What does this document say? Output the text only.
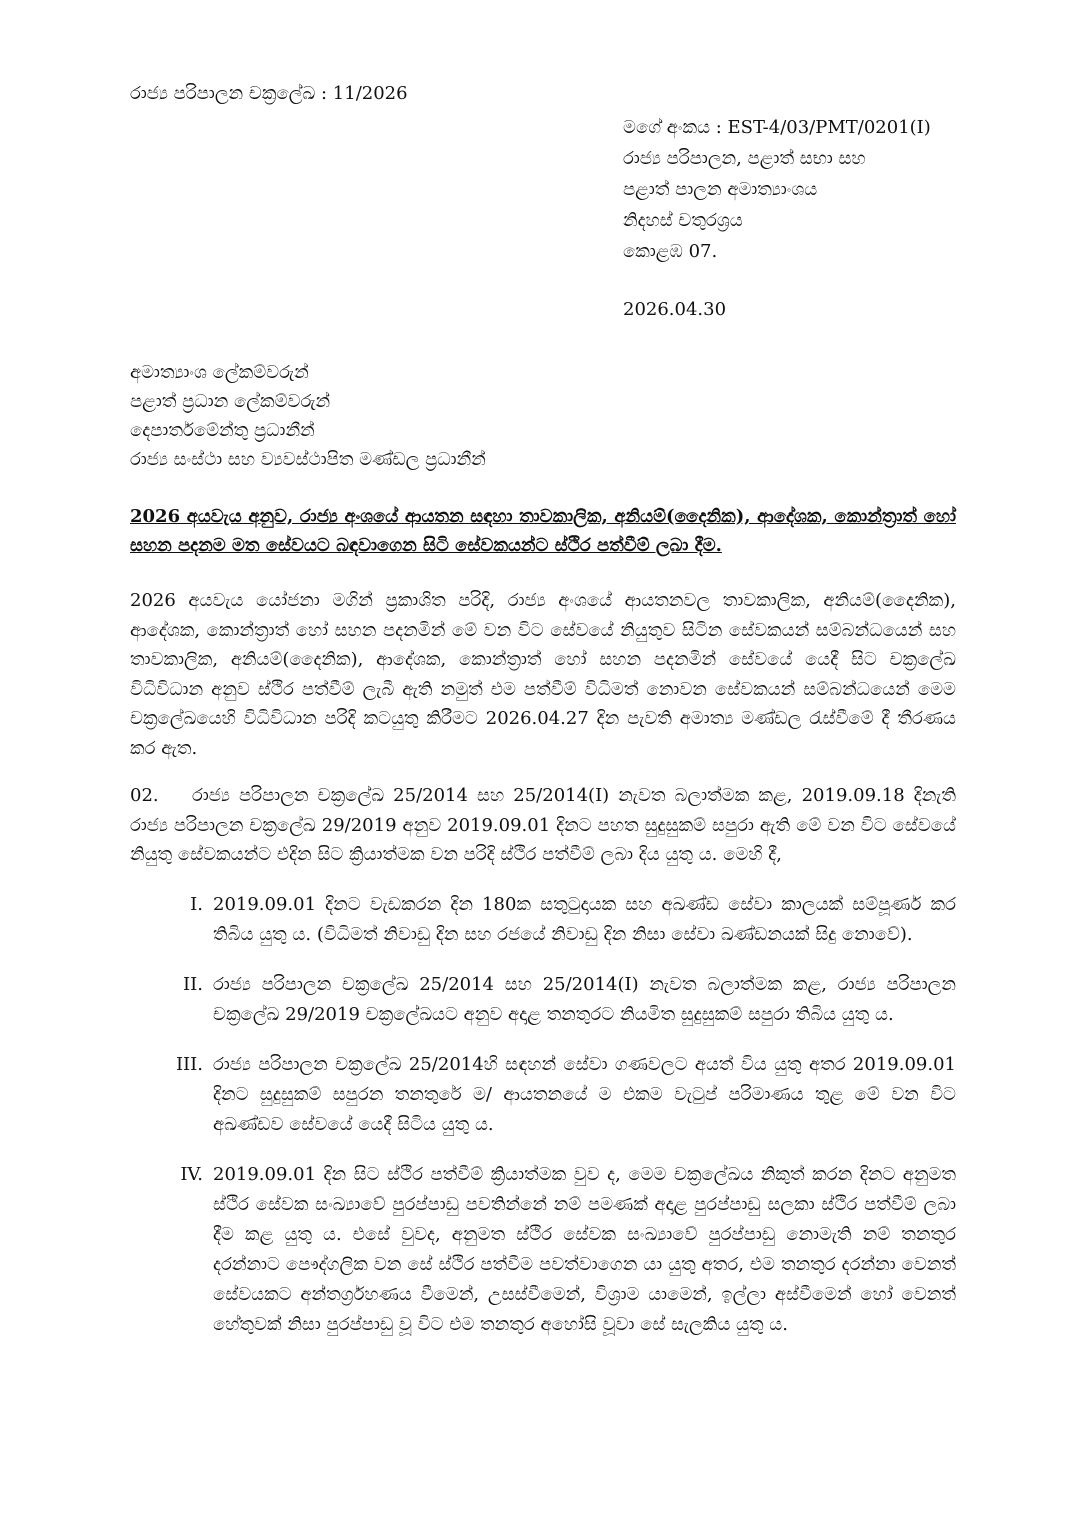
රාජ්‍ය පරිපාලන චක්‍රලේඛ : 11/2026
මගේ අංකය : EST-4/03/PMT/0201(I)
රාජ්‍ය පරිපාලන, පළාත් සභා සහ
පළාත් පාලන අමාත්‍යාංශය
නිදහස් චතුරශ්‍රය
කොළඹ 07.
2026.04.30
අමාත්‍යාංශ ලේකම්වරුන්
පළාත් ප්‍රධාන ලේකම්වරුන්
දෙපාර්තමේන්තු ප්‍රධානීන්
රාජ්‍ය සංස්ථා සහ ව්‍යවස්ථාපිත මණ්ඩල ප්‍රධානීන්
2026 අයවැය අනුව, රාජ්‍ය අංශයේ ආයතන සඳහා තාවකාලික, අනියම්(දෛනික), ආදේශක, කොන්ත්‍රාත් හෝ සහන පදනම මත සේවයට බඳවාගෙන සිටි සේවකයන්ට ස්ථිර පත්වීම් ලබා දීම.

2026 අයවැය යෝජනා මගින් ප්‍රකාශිත පරිදි, රාජ්‍ය අංශයේ ආයතනවල තාවකාලික, අනියම්(දෛනික), ආදේශක, කොන්ත්‍රාත් හෝ සහන පදනමින් මේ වන විට සේවයේ නියුතුව සිටින සේවකයන් සම්බන්ධයෙන් සහ තාවකාලික, අනියම්(දෛනික), ආදේශක, කොන්ත්‍රාත් හෝ සහන පදනමින් සේවයේ යෙදී සිට චක්‍රලේඛ විධිවිධාන අනුව ස්ථිර පත්වීම් ලැබී ඇති නමුත් එම පත්වීම් විධිමත් නොවන සේවකයන් සම්බන්ධයෙන් මෙම චක්‍රලේඛයෙහි විධිවිධාන පරිදි කටයුතු කිරීමට 2026.04.27 දින පැවති අමාත්‍ය මණ්ඩල රැස්වීමේ දී තීරණය කර ඇත.

02. රාජ්‍ය පරිපාලන චක්‍රලේඛ 25/2014 සහ 25/2014(I) නැවත බලාත්මක කළ, 2019.09.18 දිනැති රාජ්‍ය පරිපාලන චක්‍රලේඛ 29/2019 අනුව 2019.09.01 දිනට පහත සුදුසුකම් සපුරා ඇති මේ වන විට සේවයේ නියුතු සේවකයන්ට එදින සිට ක්‍රියාත්මක වන පරිදි ස්ථිර පත්වීම් ලබා දිය යුතු ය. මෙහි දී,

I. 2019.09.01 දිනට වැඩකරන දින 180ක සතුටුදායක සහ අඛණ්ඩ සේවා කාලයක් සම්පූර්ණ කර තිබිය යුතු ය. (විධිමත් නිවාඩු දින සහ රජයේ නිවාඩු දින නිසා සේවා ඛණ්ඩනයක් සිදු නොවේ).
II. රාජ්‍ය පරිපාලන චක්‍රලේඛ 25/2014 සහ 25/2014(I) නැවත බලාත්මක කළ, රාජ්‍ය පරිපාලන චක්‍රලේඛ 29/2019 චක්‍රලේඛයට අනුව අදාළ තනතුරට නියමිත සුදුසුකම් සපුරා තිබිය යුතු ය.
III. රාජ්‍ය පරිපාලන චක්‍රලේඛ 25/2014හි සඳහන් සේවා ගණවලට අයත් විය යුතු අතර 2019.09.01 දිනට සුදුසුකම් සපුරන තනතුරේ ම/ ආයතනයේ ම එකම වැටුප් පරිමාණය තුළ මේ වන විට අඛණ්ඩව සේවයේ යෙදී සිටිය යුතු ය.
IV. 2019.09.01 දින සිට ස්ථිර පත්වීම් ක්‍රියාත්මක වුව ද, මෙම චක්‍රලේඛය නිකුත් කරන දිනට අනුමත ස්ථිර සේවක සංඛ්‍යාවේ පුරප්පාඩු පවතින්නේ නම් පමණක් අදාළ පුරප්පාඩු සලකා ස්ථිර පත්වීම් ලබා දීම කළ යුතු ය. එසේ වුවද, අනුමත ස්ථිර සේවක සංඛ්‍යාවේ පුරප්පාඩු නොමැති නම් තනතුර දරන්නාට පෞද්ගලික වන සේ ස්ථිර පත්වීම පවත්වාගෙන යා යුතු අතර, එම තනතුර දරන්නා වෙනත් සේවයකට අන්තර්ග්‍රහණය වීමෙන්, උසස්වීමෙන්, විශ්‍රාම යාමෙන්, ඉල්ලා අස්වීමෙන් හෝ වෙනත් හේතුවක් නිසා පුරප්පාඩු වූ විට එම තනතුර අහෝසි වූවා සේ සැලකිය යුතු ය.
